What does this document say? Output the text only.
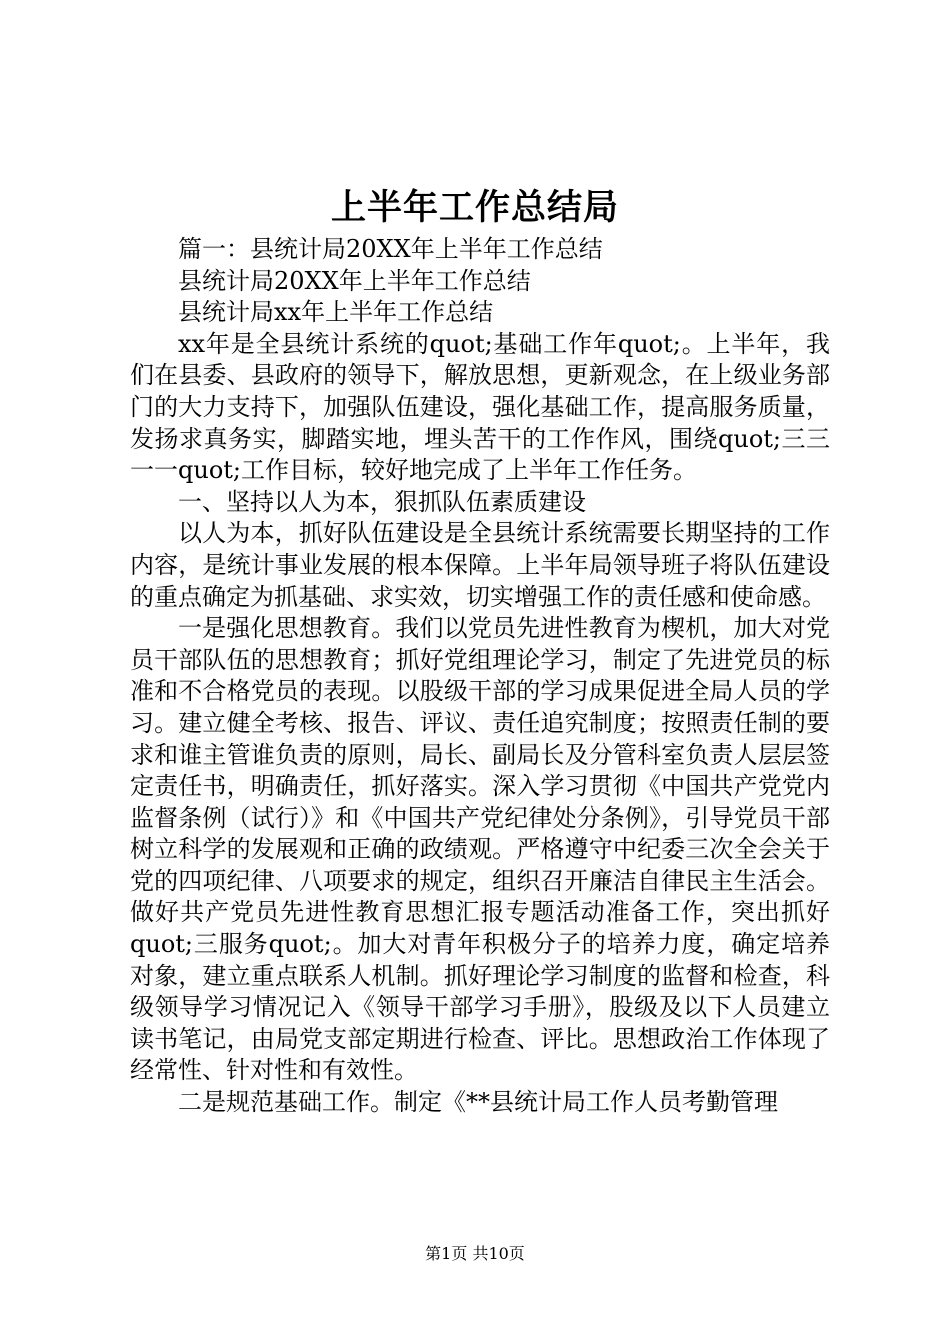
上半年工作总结局

篇一：县统计局20XX年上半年工作总结

县统计局20XX年上半年工作总结

县统计局xx年上半年工作总结

xx年是全县统计系统的quot;基础工作年quot;。上半年，我们在县委、县政府的领导下，解放思想，更新观念，在上级业务部门的大力支持下，加强队伍建设，强化基础工作，提高服务质量，发扬求真务实，脚踏实地，埋头苦干的工作作风，围绕quot;三三一一quot;工作目标，较好地完成了上半年工作任务。

一、坚持以人为本，狠抓队伍素质建设

以人为本，抓好队伍建设是全县统计系统需要长期坚持的工作内容，是统计事业发展的根本保障。上半年局领导班子将队伍建设的重点确定为抓基础、求实效，切实增强工作的责任感和使命感。

一是强化思想教育。我们以党员先进性教育为楔机，加大对党员干部队伍的思想教育；抓好党组理论学习，制定了先进党员的标准和不合格党员的表现。以股级干部的学习成果促进全局人员的学习。建立健全考核、报告、评议、责任追究制度；按照责任制的要求和谁主管谁负责的原则，局长、副局长及分管科室负责人层层签定责任书，明确责任，抓好落实。深入学习贯彻《中国共产党党内监督条例（试行）》和《中国共产党纪律处分条例》，引导党员干部树立科学的发展观和正确的政绩观。严格遵守中纪委三次全会关于党的四项纪律、八项要求的规定，组织召开廉洁自律民主生活会。做好共产党员先进性教育思想汇报专题活动准备工作，突出抓好quot;三服务quot;。加大对青年积极分子的培养力度，确定培养对象，建立重点联系人机制。抓好理论学习制度的监督和检查，科级领导学习情况记入《领导干部学习手册》，股级及以下人员建立读书笔记，由局党支部定期进行检查、评比。思想政治工作体现了经常性、针对性和有效性。

二是规范基础工作。制定《**县统计局工作人员考勤管理

第1页 共10页
